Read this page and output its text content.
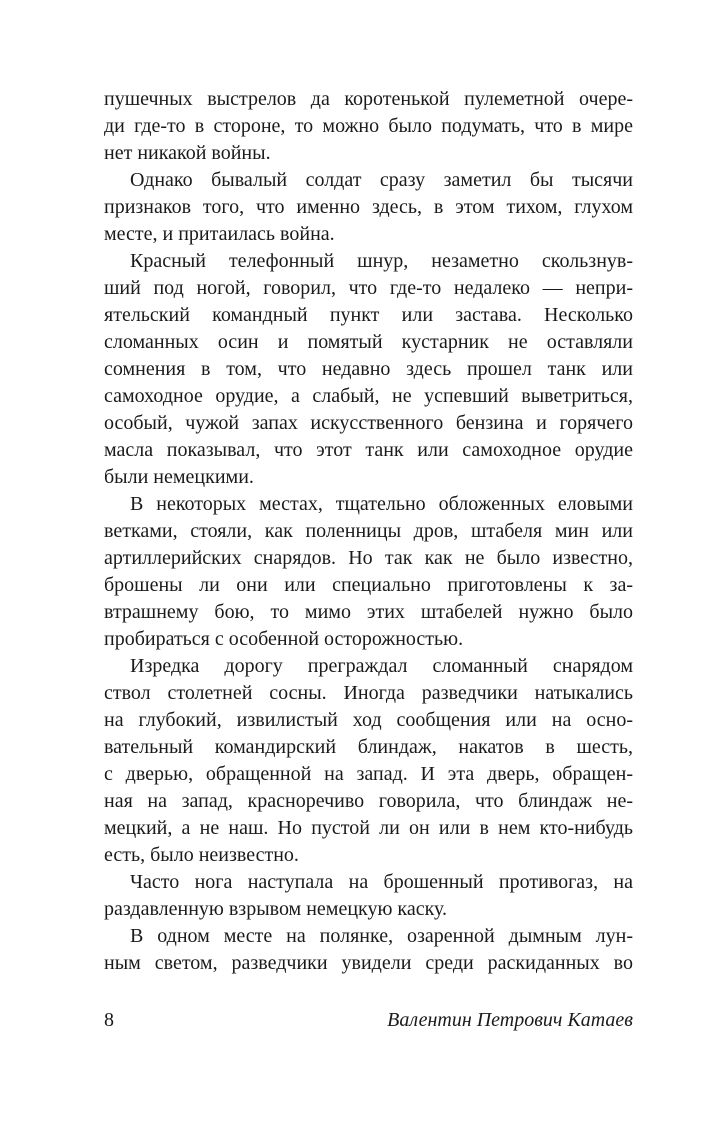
пушечных выстрелов да коротенькой пулеметной очере-
ди где-то в стороне, то можно было подумать, что в мире
нет никакой войны.
Однако бывалый солдат сразу заметил бы тысячи
признаков того, что именно здесь, в этом тихом, глухом
месте, и притаилась война.
Красный телефонный шнур, незаметно скользнув-
ший под ногой, говорил, что где-то недалеко — непри-
ятельский командный пункт или застава. Несколько
сломанных осин и помятый кустарник не оставляли
сомнения в том, что недавно здесь прошел танк или
самоходное орудие, а слабый, не успевший выветриться,
особый, чужой запах искусственного бензина и горячего
масла показывал, что этот танк или самоходное орудие
были немецкими.
В некоторых местах, тщательно обложенных еловыми
ветками, стояли, как поленницы дров, штабеля мин или
артиллерийских снарядов. Но так как не было известно,
брошены ли они или специально приготовлены к за-
втрашнему бою, то мимо этих штабелей нужно было
пробираться с особенной осторожностью.
Изредка дорогу преграждал сломанный снарядом
ствол столетней сосны. Иногда разведчики натыкались
на глубокий, извилистый ход сообщения или на осно-
вательный командирский блиндаж, накатов в шесть,
с дверью, обращенной на запад. И эта дверь, обращен-
ная на запад, красноречиво говорила, что блиндаж не-
мецкий, а не наш. Но пустой ли он или в нем кто-нибудь
есть, было неизвестно.
Часто нога наступала на брошенный противогаз, на
раздавленную взрывом немецкую каску.
В одном месте на полянке, озаренной дымным лун-
ным светом, разведчики увидели среди раскиданных во
8	Валентин Петрович Катаев
